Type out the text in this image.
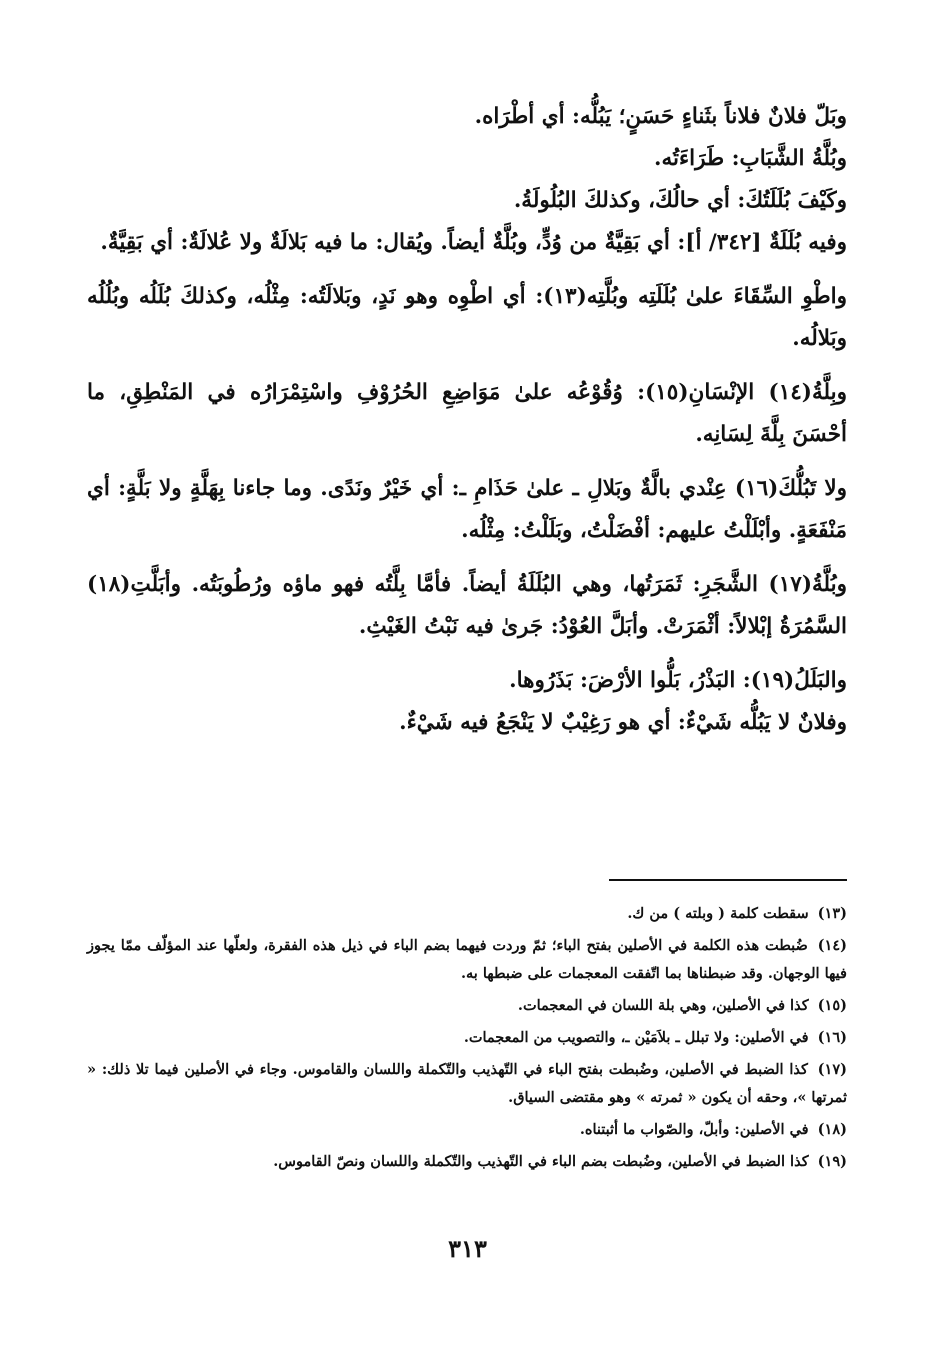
وبَلّ فلانٌ فلاناً بثَناءٍ حَسَنٍ؛ يَبُلُّه: أي أطْرَاه.

وبُلَّةُ الشَّبَابِ: طَرَاءَتُه.

وكَيْفَ بُلَلَتُكَ: أي حالُكَ، وكذلكَ البُلُولَةُ.

وفيه بُلَلَةٌ [٣٤٢/ أ]: أي بَقِيَّةٌ من وُدٍّ، وبُلَّةٌ أيضاً. ويُقال: ما فيه بَلالَةٌ ولا عُلالَةٌ: أي بَقِيَّةٌ.

واطْوِ السِّقَاءَ علىٰ بُلَلَتِه وبُلَّتِه(١٣): أي اطْوِه وهو نَدٍ، وبَلالَتُه: مِثْلُه، وكذلكَ بُلَلُه وبُلُلُه وبَلالُه.

وبِلَّةُ(١٤) الإنْسَانِ(١٥): وُقُوْعُه علىٰ مَوَاضِعِ الحُرُوْفِ واسْتِمْرَارُه في المَنْطِقِ، ما أحْسَنَ بِلَّةَ لِسَانِه.

ولا تَبُلُّكَ(١٦) عِنْدي بالَّةٌ وبَلالِ ـ علىٰ حَذَامِ ـ: أي خَيْرٌ ونَدًى. وما جاءنا بِهَلَّةٍ ولا بَلَّةٍ: أي مَنْفَعَةٍ. وأبْلَلْتُ عليهم: أفْضَلْتُ، وبَلَلْتُ: مِثْلُه.

وبُلَّةُ(١٧) الشَّجَرِ: ثَمَرَتُها، وهي البُلَلَةُ أيضاً. فأمَّا بِلَّتُه فهو ماؤه ورُطُوبَتُه. وأبَلَّتِ(١٨) السَّمُرَةُ إبْلالاً: أثْمَرَتْ. وأبَلَّ العُوْدُ: جَرىٰ فيه نَبْتُ الغَيْثِ.

والبَلَلُ(١٩): البَذْرُ، بَلُّوا الأرْضَ: بَذَرُوها.

وفلانٌ لا يَبُلُّه شَيْءٌ: أي هو رَغِيْبٌ لا يَنْجَعُ فيه شَيْءٌ.

(١٣) سقطت كلمة ( وبلته ) من ك.
(١٤) ضُبطت هذه الكلمة في الأصلين بفتح الباء؛ ثمّ وردت فيهما بضم الباء في ذيل هذه الفقرة، ولعلّها عند المؤلّف ممّا يجوز فيها الوجهان. وقد ضبطناها بما اتّفقت المعجمات على ضبطها به.
(١٥) كذا في الأصلين، وهي بلة اللسان في المعجمات.
(١٦) في الأصلين: ولا تبلل ـ بلاَمَيْن ـ، والتصويب من المعجمات.
(١٧) كذا الضبط في الأصلين، وضُبطت بفتح الباء في التّهذيب والتّكملة واللسان والقاموس. وجاء في الأصلين فيما تلا ذلك: « ثمرتها »، وحقه أن يكون « ثمرته » وهو مقتضى السياق.
(١٨) في الأصلين: وأبلّ، والصّواب ما أثبتناه.
(١٩) كذا الضبط في الأصلين، وضُبطت بضم الباء في التّهذيب والتّكملة واللسان ونصّ القاموس.
٣١٣
